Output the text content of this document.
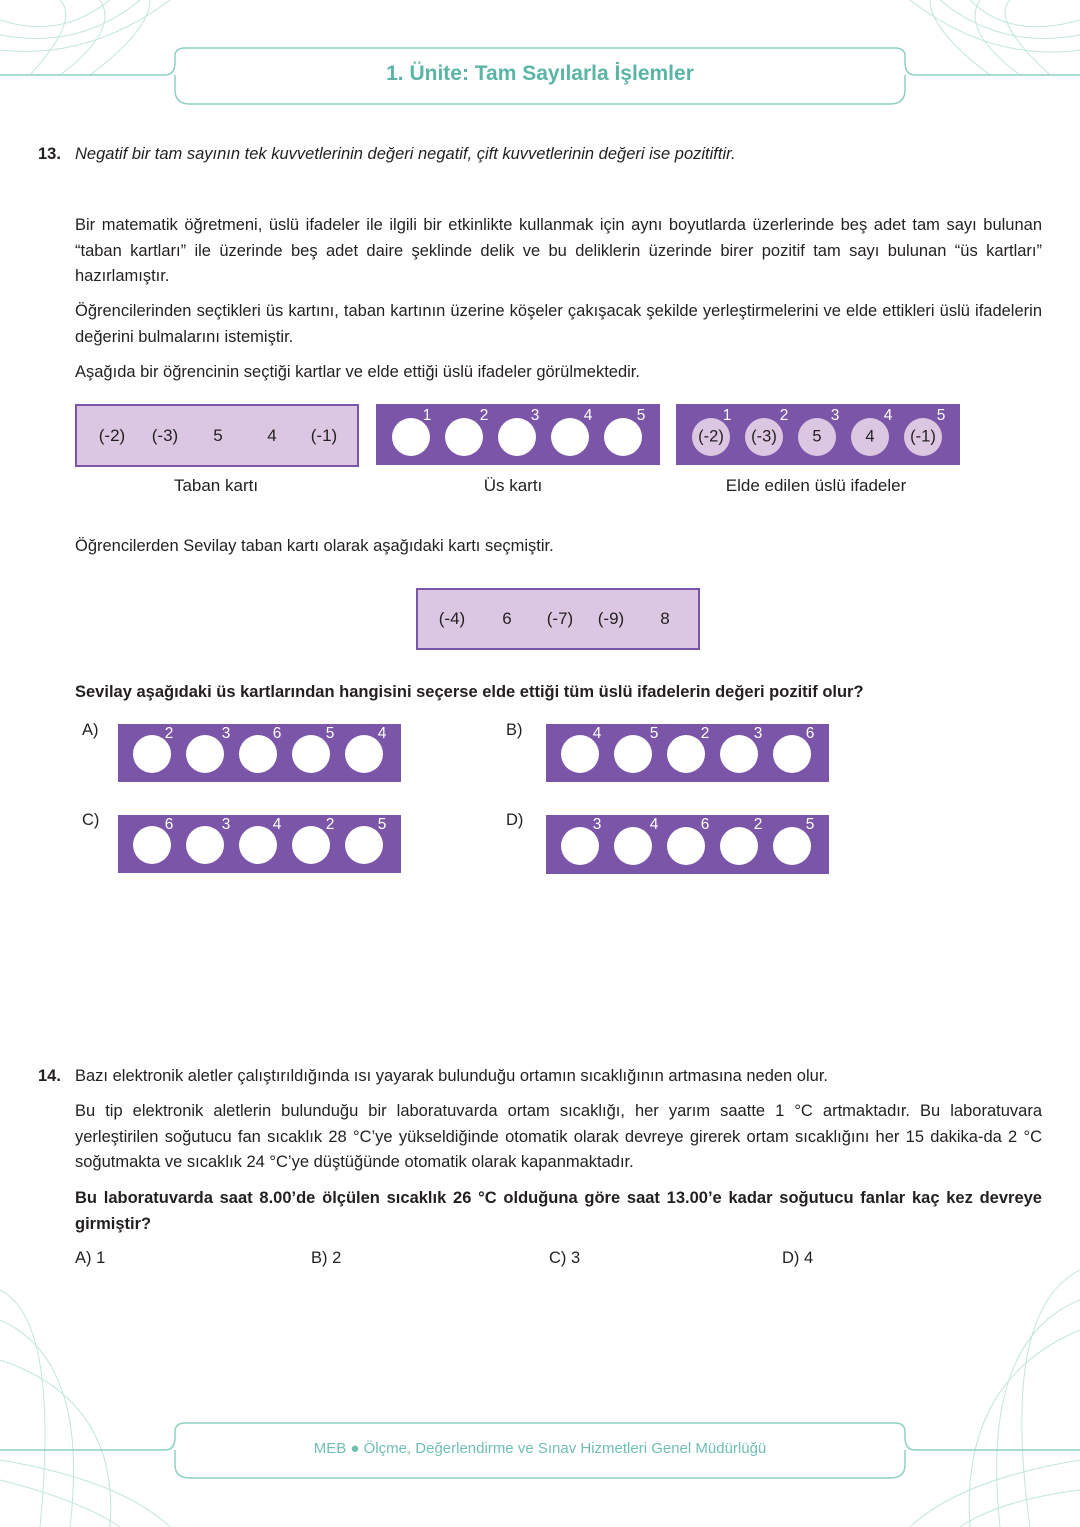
1. Ünite: Tam Sayılarla İşlemler
13. Negatif bir tam sayının tek kuvvetlerinin değeri negatif, çift kuvvetlerinin değeri ise pozitiftir.

Bir matematik öğretmeni, üslü ifadeler ile ilgili bir etkinlikte kullanmak için aynı boyutlarda üzerlerinde beş adet tam sayı bulunan “taban kartları” ile üzerinde beş adet daire şeklinde delik ve bu deliklerin üzerinde birer pozitif tam sayı bulunan “üs kartları” hazırlamıştır.

Öğrencilerinden seçtikleri üs kartını, taban kartının üzerine köşeler çakışacak şekilde yerleştirmelerini ve elde ettikleri üslü ifadelerin değerini bulmalarını istemiştir.

Aşağıda bir öğrencinin seçtiği kartlar ve elde ettiği üslü ifadeler görülmektedir.

(-2) (-3) 5	4 (-1)
1	2	3	4	5
(-2) (-3) 5	4 (-1)
1	2	3	4	5
Taban kartı	Üs kartı	Elde edilen üslü ifadeler

Öğrencilerden Sevilay taban kartı olarak aşağıdaki kartı seçmiştir.

(-4) 6 (-7) (-9) 8

Sevilay aşağıdaki üs kartlarından hangisini seçerse elde ettiği tüm üslü ifadelerin değeri pozitif olur?

A)	2	3	6	5	4	B)	4	5	2	3	6
C)	6	3	4	2	5	D)	3	4	6	2	5
14. Bazı elektronik aletler çalıştırıldığında ısı yayarak bulunduğu ortamın sıcaklığının artmasına neden olur.

Bu tip elektronik aletlerin bulunduğu bir laboratuvarda ortam sıcaklığı, her yarım saatte 1 °C artmaktadır. Bu laboratuvara yerleştirilen soğutucu fan sıcaklık 28 °C’ye yükseldiğinde otomatik olarak devreye girerek ortam sıcaklığını her 15 dakika-da 2 °C soğutmakta ve sıcaklık 24 °C’ye düştüğünde otomatik olarak kapanmaktadır.

Bu laboratuvarda saat 8.00’de ölçülen sıcaklık 26 °C olduğuna göre saat 13.00’e kadar soğutucu fanlar kaç kez devreye girmiştir?

A) 1	B) 2	C) 3	D) 4
MEB ● Ölçme, Değerlendirme ve Sınav Hizmetleri Genel Müdürlüğü
